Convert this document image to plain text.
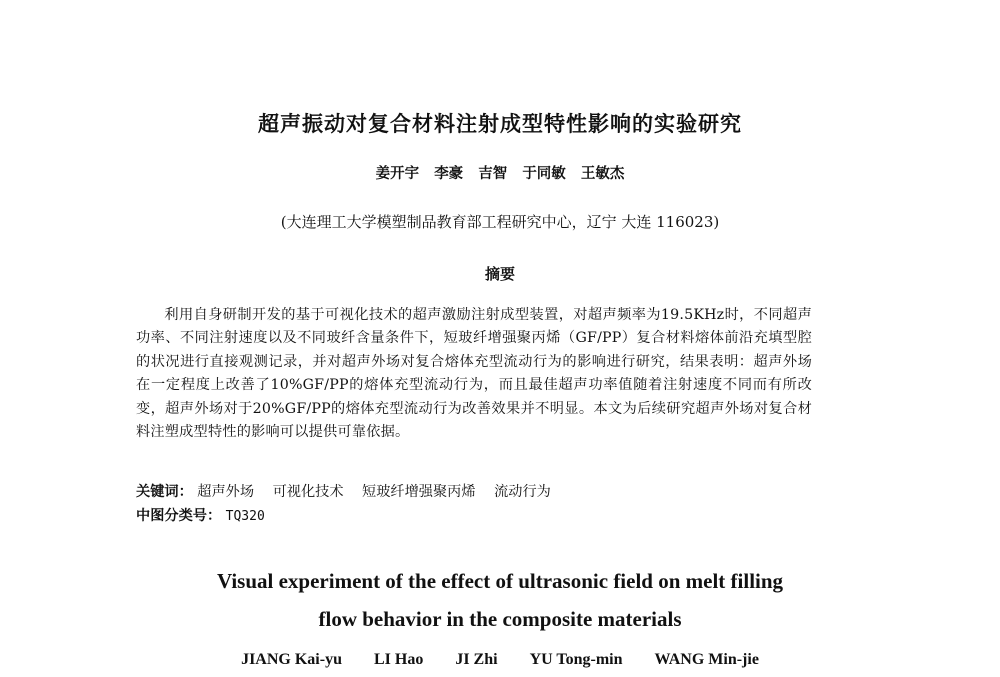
超声振动对复合材料注射成型特性影响的实验研究
姜开宇 李豪 吉智 于同敏 王敏杰
(大连理工大学模塑制品教育部工程研究中心，辽宁 大连 116023)
摘要
利用自身研制开发的基于可视化技术的超声激励注射成型装置，对超声频率为19.5KHz时，不同超声功率、不同注射速度以及不同玻纤含量条件下，短玻纤增强聚丙烯（GF/PP）复合材料熔体前沿充填型腔的状况进行直接观测记录，并对超声外场对复合熔体充型流动行为的影响进行研究，结果表明：超声外场在一定程度上改善了10%GF/PP的熔体充型流动行为，而且最佳超声功率值随着注射速度不同而有所改变，超声外场对于20%GF/PP的熔体充型流动行为改善效果并不明显。本文为后续研究超声外场对复合材料注塑成型特性的影响可以提供可靠依据。
关键词： 超声外场 可视化技术 短玻纤增强聚丙烯 流动行为
中图分类号： TQ320
Visual experiment of the effect of ultrasonic field on melt filling
flow behavior in the composite materials
JIANG Kai-yu LI Hao JI Zhi YU Tong-min WANG Min-jie
